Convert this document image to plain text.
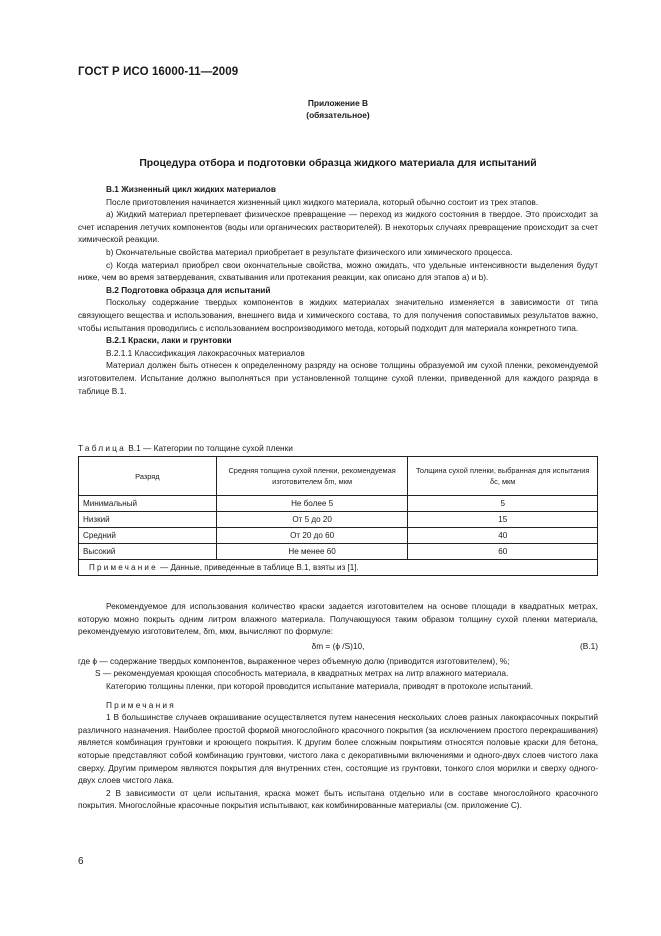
ГОСТ Р ИСО 16000-11—2009
Приложение В
(обязательное)
Процедура отбора и подготовки образца жидкого материала для испытаний

B.1 Жизненный цикл жидких материалов

После приготовления начинается жизненный цикл жидкого материала, который обычно состоит из трех этапов.

a) Жидкий материал претерпевает физическое превращение — переход из жидкого состояния в твердое. Это происходит за счет испарения летучих компонентов (воды или органических растворителей). В некоторых случаях превращение происходит за счет химической реакции.

b) Окончательные свойства материал приобретает в результате физического или химического процесса.

c) Когда материал приобрел свои окончательные свойства, можно ожидать, что удельные интенсивности выделения будут ниже, чем во время затвердевания, схватывания или протекания реакции, как описано для этапов a) и b).

B.2 Подготовка образца для испытаний

Поскольку содержание твердых компонентов в жидких материалах значительно изменяется в зависимости от типа связующего вещества и использования, внешнего вида и химического состава, то для получения сопоставимых результатов важно, чтобы испытания проводились с использованием воспроизводимого метода, который подходит для материала конкретного типа.

B.2.1 Краски, лаки и грунтовки

B.2.1.1 Классификация лакокрасочных материалов

Материал должен быть отнесен к определенному разряду на основе толщины образуемой им сухой пленки, рекомендуемой изготовителем. Испытание должно выполняться при установленной толщине сухой пленки, приведенной для каждого разряда в таблице B.1.

Таблица B.1 — Категории по толщине сухой пленки
Разряд	Средняя толщина сухой пленки, рекомендуемая изготовителем δm, мкм	Толщина сухой пленки, выбранная для испытания δc, мкм
Минимальный	Не более 5	5
Низкий	От 5 до 20	15
Средний	От 20 до 60	40
Высокий	Не менее 60	60
Примечание — Данные, приведенные в таблице B.1, взяты из [1].		

Рекомендуемое для использования количество краски задается изготовителем на основе площади в квадратных метрах, которую можно покрыть одним литром влажного материала. Получающуюся таким образом толщину сухой пленки материала, рекомендуемую изготовителем, δm, мкм, вычисляют по формуле:

δm = (ϕ /S)10,	(B.1)

где ϕ — содержание твердых компонентов, выраженное через объемную долю (приводится изготовителем), %;

S — рекомендуемая кроющая способность материала, в квадратных метрах на литр влажного материала.

Категорию толщины пленки, при которой проводится испытание материала, приводят в протоколе испытаний.

Примечания

1 В большинстве случаев окрашивание осуществляется путем нанесения нескольких слоев разных лакокрасочных покрытий различного назначения. Наиболее простой формой многослойного красочного покрытия (за исключением простого перекрашивания) является комбинация грунтовки и кроющего покрытия. К другим более сложным покрытиям относятся половые краски для бетона, которые представляют собой комбинацию грунтовки, чистого лака с декоративными включениями и одного-двух слоев чистого лака сверху. Другим примером являются покрытия для внутренних стен, состоящие из грунтовки, тонкого слоя морилки и сверху одного-двух слоев чистого лака.

2 В зависимости от цели испытания, краска может быть испытана отдельно или в составе многослойного красочного покрытия. Многослойные красочные покрытия испытывают, как комбинированные материалы (см. приложение C).

6
